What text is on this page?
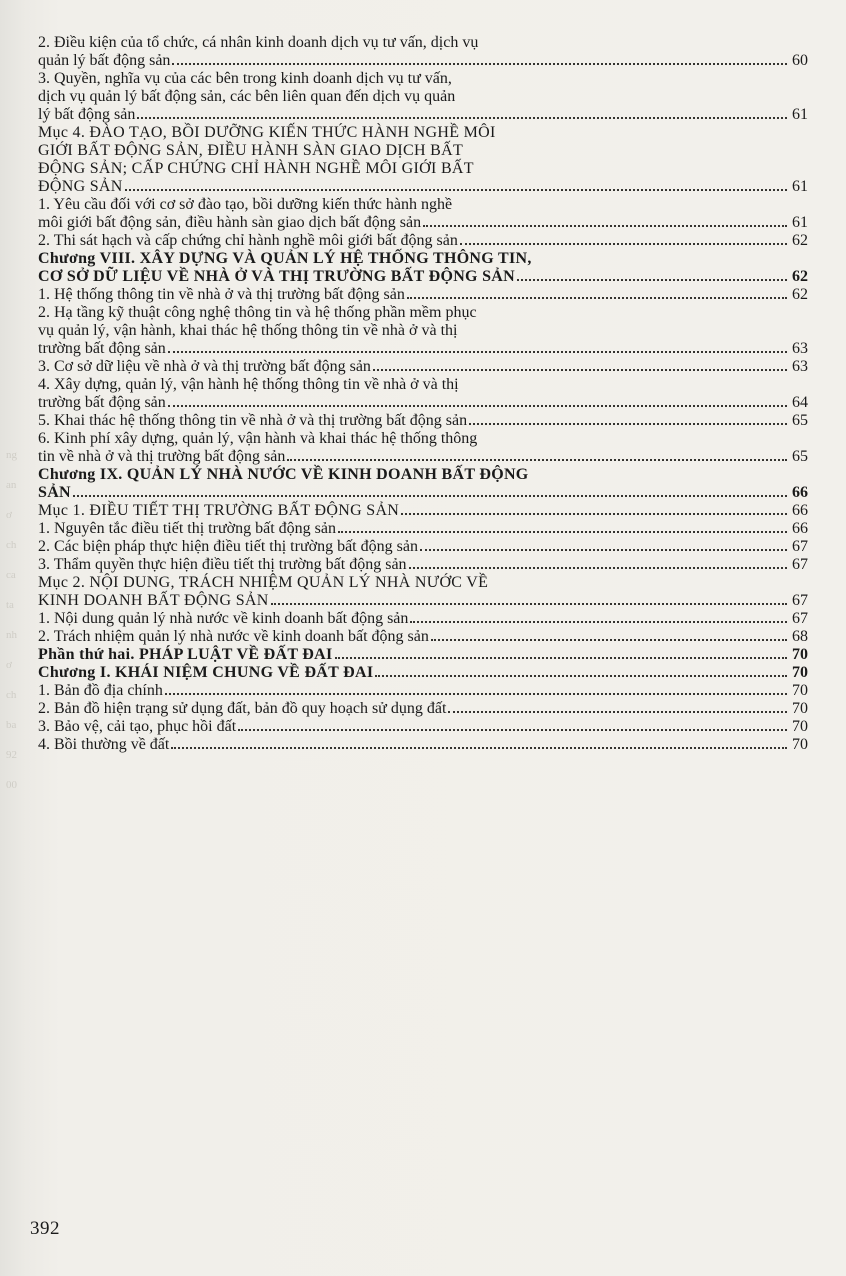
ng
an
ơ
ch
ca
ta
nh
ơ
ch
ba
92
00
2. Điều kiện của tổ chức, cá nhân kinh doanh dịch vụ tư vấn, dịch vụ
quản lý bất động sản	60
3. Quyền, nghĩa vụ của các bên trong kinh doanh dịch vụ tư vấn,
dịch vụ quản lý bất động sản, các bên liên quan đến dịch vụ quản
lý bất động sản	61
Mục 4. ĐÀO TẠO, BỒI DƯỠNG KIẾN THỨC HÀNH NGHỀ MÔI
GIỚI BẤT ĐỘNG SẢN, ĐIỀU HÀNH SÀN GIAO DỊCH BẤT
ĐỘNG SẢN; CẤP CHỨNG CHỈ HÀNH NGHỀ MÔI GIỚI BẤT
ĐỘNG SẢN	61
1. Yêu cầu đối với cơ sở đào tạo, bồi dưỡng kiến thức hành nghề
môi giới bất động sản, điều hành sàn giao dịch bất động sản	61
2. Thi sát hạch và cấp chứng chỉ hành nghề môi giới bất động sản	62
Chương VIII. XÂY DỰNG VÀ QUẢN LÝ HỆ THỐNG THÔNG TIN,
CƠ SỞ DỮ LIỆU VỀ NHÀ Ở VÀ THỊ TRƯỜNG BẤT ĐỘNG SẢN	62
1. Hệ thống thông tin về nhà ở và thị trường bất động sản	62
2. Hạ tầng kỹ thuật công nghệ thông tin và hệ thống phần mềm phục
vụ quản lý, vận hành, khai thác hệ thống thông tin về nhà ở và thị
trường bất động sản	63
3. Cơ sở dữ liệu về nhà ở và thị trường bất động sản	63
4. Xây dựng, quản lý, vận hành hệ thống thông tin về nhà ở và thị
trường bất động sản	64
5. Khai thác hệ thống thông tin về nhà ở và thị trường bất động sản	65
6. Kinh phí xây dựng, quản lý, vận hành và khai thác hệ thống thông
tin về nhà ở và thị trường bất động sản	65
Chương IX. QUẢN LÝ NHÀ NƯỚC VỀ KINH DOANH BẤT ĐỘNG
SẢN	66
Mục 1. ĐIỀU TIẾT THỊ TRƯỜNG BẤT ĐỘNG SẢN	66
1. Nguyên tắc điều tiết thị trường bất động sản	66
2. Các biện pháp thực hiện điều tiết thị trường bất động sản	67
3. Thẩm quyền thực hiện điều tiết thị trường bất động sản	67
Mục 2. NỘI DUNG, TRÁCH NHIỆM QUẢN LÝ NHÀ NƯỚC VỀ
KINH DOANH BẤT ĐỘNG SẢN	67
1. Nội dung quản lý nhà nước về kinh doanh bất động sản	67
2. Trách nhiệm quản lý nhà nước về kinh doanh bất động sản	68
Phần thứ hai. PHÁP LUẬT VỀ ĐẤT ĐAI	70
Chương I. KHÁI NIỆM CHUNG VỀ ĐẤT ĐAI	70
1. Bản đồ địa chính	70
2. Bản đồ hiện trạng sử dụng đất, bản đồ quy hoạch sử dụng đất	70
3. Bảo vệ, cải tạo, phục hồi đất	70
4. Bồi thường về đất	70
392
